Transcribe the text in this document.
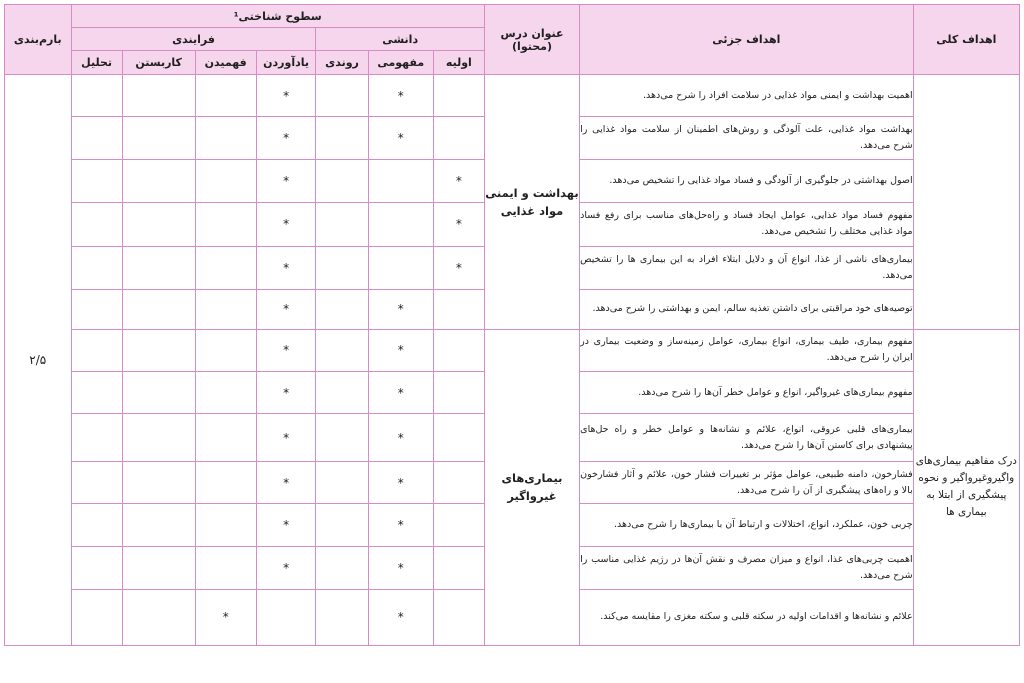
اهداف کلی	اهداف جزئی	عنوان درس (محتوا)	سطوح شناختی¹							بارم‌بندی
			دانشی			فرایندی				
			اولیه	مفهومی	روندی	یادآوردن	فهمیدن	کاربستن	تحلیل	
	اهمیت بهداشت و ایمنی مواد غذایی در سلامت افراد را شرح می‌دهد.	بهداشت و ایمنی مواد غذایی		*		*				۲/۵
	بهداشت مواد غذایی، علت آلودگی و روش‌های اطمینان از سلامت مواد غذایی را شرح می‌دهد.			*		*				
	اصول بهداشتی در جلوگیری از آلودگی و فساد مواد غذایی را تشخیص می‌دهد.		*			*				
	مفهوم فساد مواد غذایی، عوامل ایجاد فساد و راه‌حل‌های مناسب برای رفع فساد مواد غذایی مختلف را تشخیص می‌دهد.		*			*				
	بیماری‌های ناشی از غذا، انواع آن و دلایل ابتلاء افراد به این بیماری ها را تشخیص می‌دهد.		*			*				
	توصیه‌های خود مراقبتی برای داشتن تغذیه سالم، ایمن و بهداشتی را شرح می‌دهد.			*		*				
درک مفاهیم بیماری‌های واگیروغیرواگیر و نحوه پیشگیری از ابتلا به بیماری ها	مفهوم بیماری، طیف بیماری، انواع بیماری، عوامل زمینه‌ساز و وضعیت بیماری در ایران را شرح می‌دهد.	بیماری‌های غیرواگیر		*		*				
	مفهوم بیماری‌های غیرواگیر، انواع و عوامل خطر آن‌ها را شرح می‌دهد.			*		*				
	بیماری‌های قلبی عروقی، انواع، علائم و نشانه‌ها و عوامل خطر و راه حل‌های پیشنهادی برای کاستن آن‌ها را شرح می‌دهد.			*		*				
	فشارخون، دامنه طبیعی، عوامل مؤثر بر تغییرات فشار خون، علائم و آثار فشارخون بالا و راه‌های پیشگیری از آن را شرح می‌دهد.			*		*				
	چربی خون، عملکرد، انواع، اختلالات و ارتباط آن با بیماری‌ها را شرح می‌دهد.			*		*				
	اهمیت چربی‌های غذا، انواع و میزان مصرف و نقش آن‌ها در رژیم غذایی مناسب را شرح می‌دهد.			*		*				
	علائم و نشانه‌ها و اقدامات اولیه در سکته قلبی و سکته مغزی را مقایسه می‌کند.			*			*			
